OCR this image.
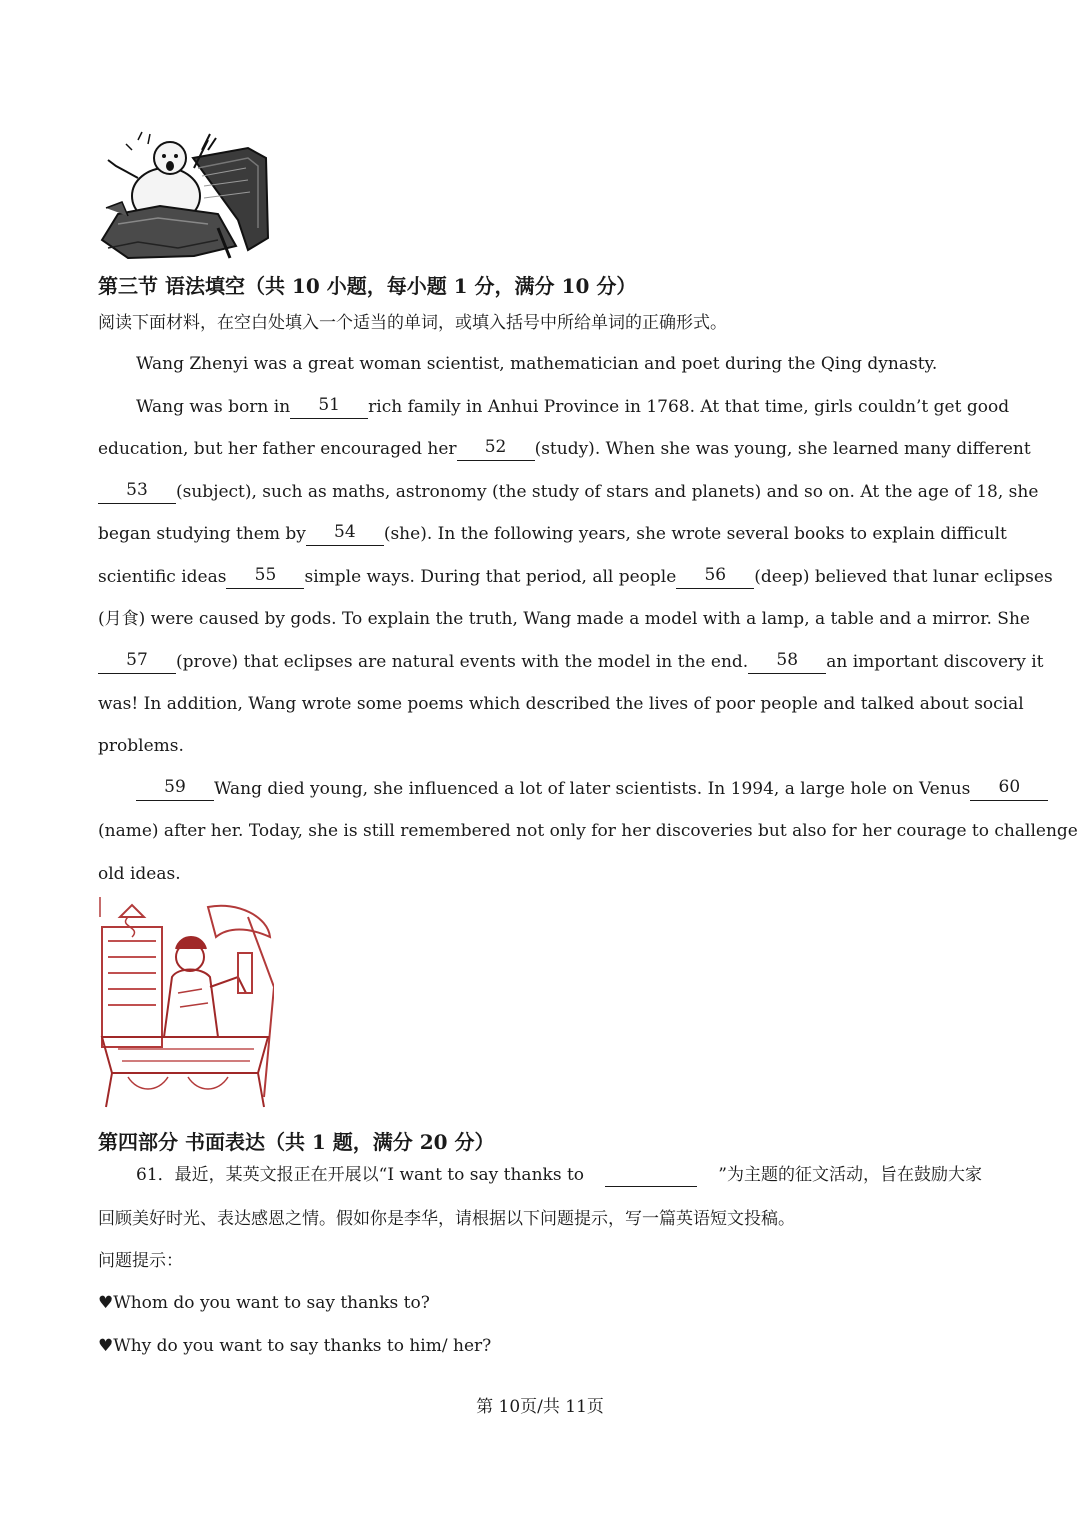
第三节 语法填空（共 10 小题，每小题 1 分，满分 10 分）
阅读下面材料，在空白处填入一个适当的单词，或填入括号中所给单词的正确形式。
Wang Zhenyi was a great woman scientist, mathematician and poet during the Qing dynasty.
Wang was born in	51	rich family in Anhui Province in 1768. At that time, girls couldn’t get good
education, but her father encouraged her	52	(study). When she was young, she learned many different
53	(subject), such as maths, astronomy (the study of stars and planets) and so on. At the age of 18, she
began studying them by	54	(she). In the following years, she wrote several books to explain difficult
scientific ideas	55	simple ways. During that period, all people	56	(deep) believed that lunar eclipses
(月食) were caused by gods. To explain the truth, Wang made a model with a lamp, a table and a mirror. She
57	(prove) that eclipses are natural events with the model in the end.	58	an important discovery it
was! In addition, Wang wrote some poems which described the lives of poor people and talked about social
problems.
59	Wang died young, she influenced a lot of later scientists. In 1994, a large hole on Venus	60
(name) after her. Today, she is still remembered not only for her discoveries but also for her courage to challenge
old ideas.
第四部分 书面表达（共 1 题，满分 20 分）
61．最近，某英文报正在开展以“I want to say thanks to	”为主题的征文活动，旨在鼓励大家
回顾美好时光、表达感恩之情。假如你是李华，请根据以下问题提示，写一篇英语短文投稿。
问题提示：
♥Whom do you want to say thanks to?
♥Why do you want to say thanks to him/ her?
第 10页/共 11页
